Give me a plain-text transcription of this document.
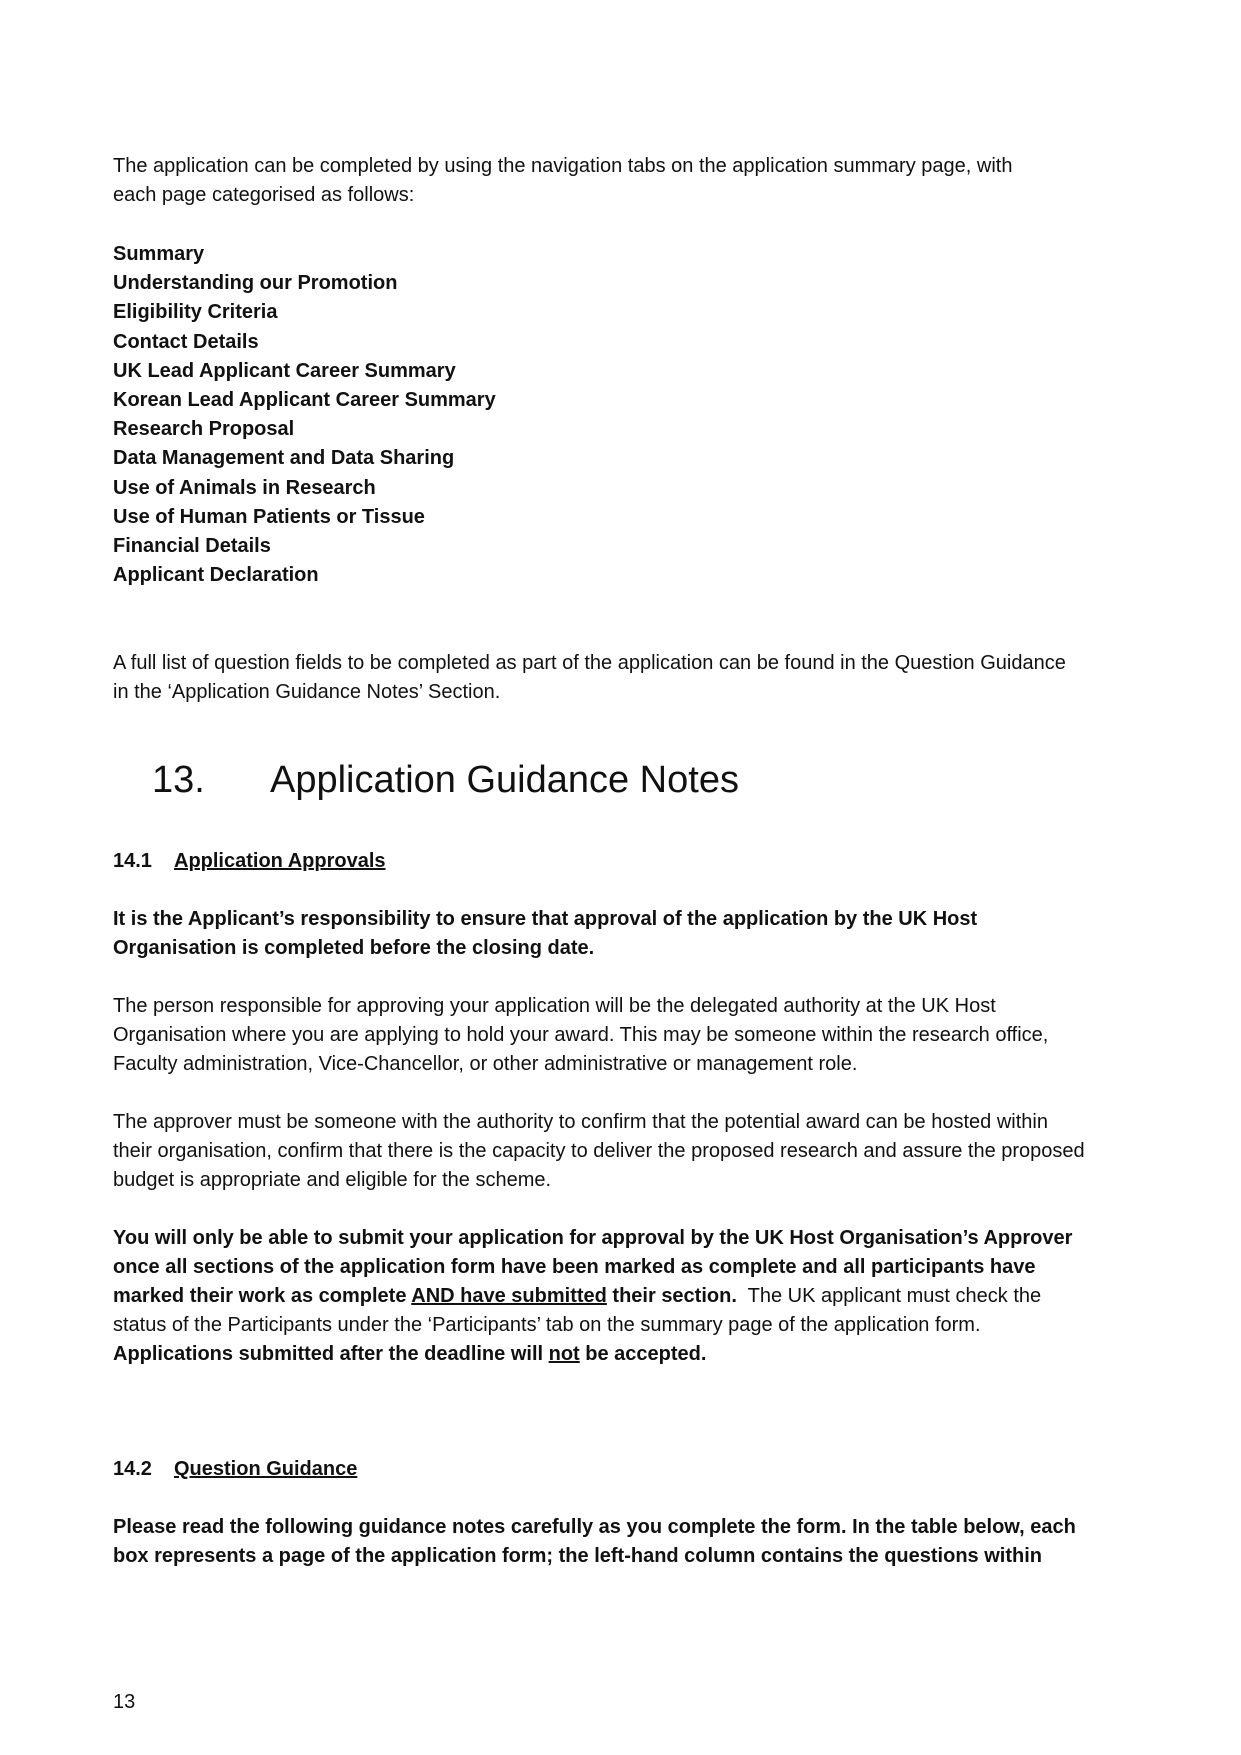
The application can be completed by using the navigation tabs on the application summary page, with
each page categorised as follows:

Summary
Understanding our Promotion
Eligibility Criteria
Contact Details
UK Lead Applicant Career Summary
Korean Lead Applicant Career Summary
Research Proposal
Data Management and Data Sharing
Use of Animals in Research
Use of Human Patients or Tissue
Financial Details
Applicant Declaration

A full list of question fields to be completed as part of the application can be found in the Question Guidance
in the ‘Application Guidance Notes’ Section.

13. Application Guidance Notes
14.1 Application Approvals

It is the Applicant’s responsibility to ensure that approval of the application by the UK Host
Organisation is completed before the closing date.

The person responsible for approving your application will be the delegated authority at the UK Host
Organisation where you are applying to hold your award. This may be someone within the research office,
Faculty administration, Vice-Chancellor, or other administrative or management role.

The approver must be someone with the authority to confirm that the potential award can be hosted within
their organisation, confirm that there is the capacity to deliver the proposed research and assure the proposed
budget is appropriate and eligible for the scheme.

You will only be able to submit your application for approval by the UK Host Organisation’s Approver
once all sections of the application form have been marked as complete and all participants have
marked their work as complete AND have submitted their section.  The UK applicant must check the
status of the Participants under the ‘Participants’ tab on the summary page of the application form.
Applications submitted after the deadline will not be accepted.

14.2 Question Guidance

Please read the following guidance notes carefully as you complete the form. In the table below, each
box represents a page of the application form; the left-hand column contains the questions within

13
